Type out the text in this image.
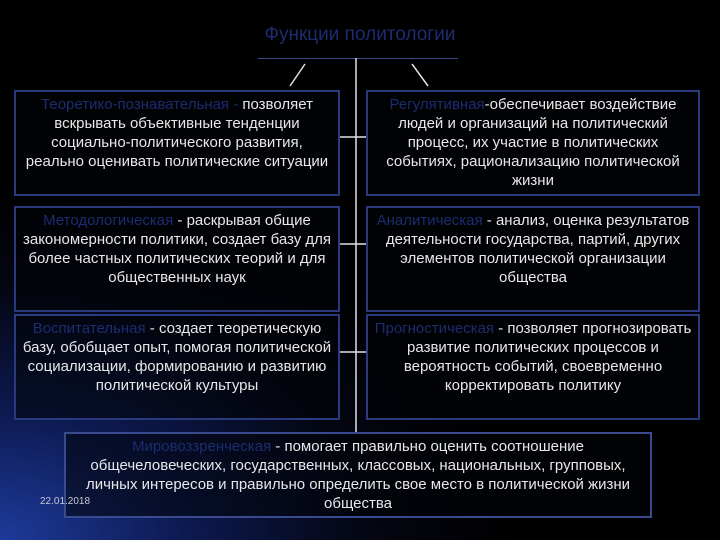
Функции политологии
Теоретико-познавательная - позволяет вскрывать объективные тенденции социально-политического развития, реально оценивать политические ситуации
Регулятивная-обеспечивает воздействие людей и организаций на политический процесс, их участие в политических событиях, рационализацию политической жизни
Методологическая - раскрывая общие закономерности политики, создает базу для более частных политических теорий и для общественных наук
Аналитическая - анализ, оценка результатов деятельности государства, партий, других элементов политической организации общества
Воспитательная - создает теоретическую базу, обобщает опыт, помогая политической социализации, формированию и развитию политической культуры
Прогностическая - позволяет прогнозировать развитие политических процессов и вероятность событий, своевременно корректировать политику
Мировоззренческая - помогает правильно оценить соотношение общечеловеческих, государственных, классовых, национальных, групповых, личных интересов и правильно определить свое место в политической жизни общества
22.01.2018
